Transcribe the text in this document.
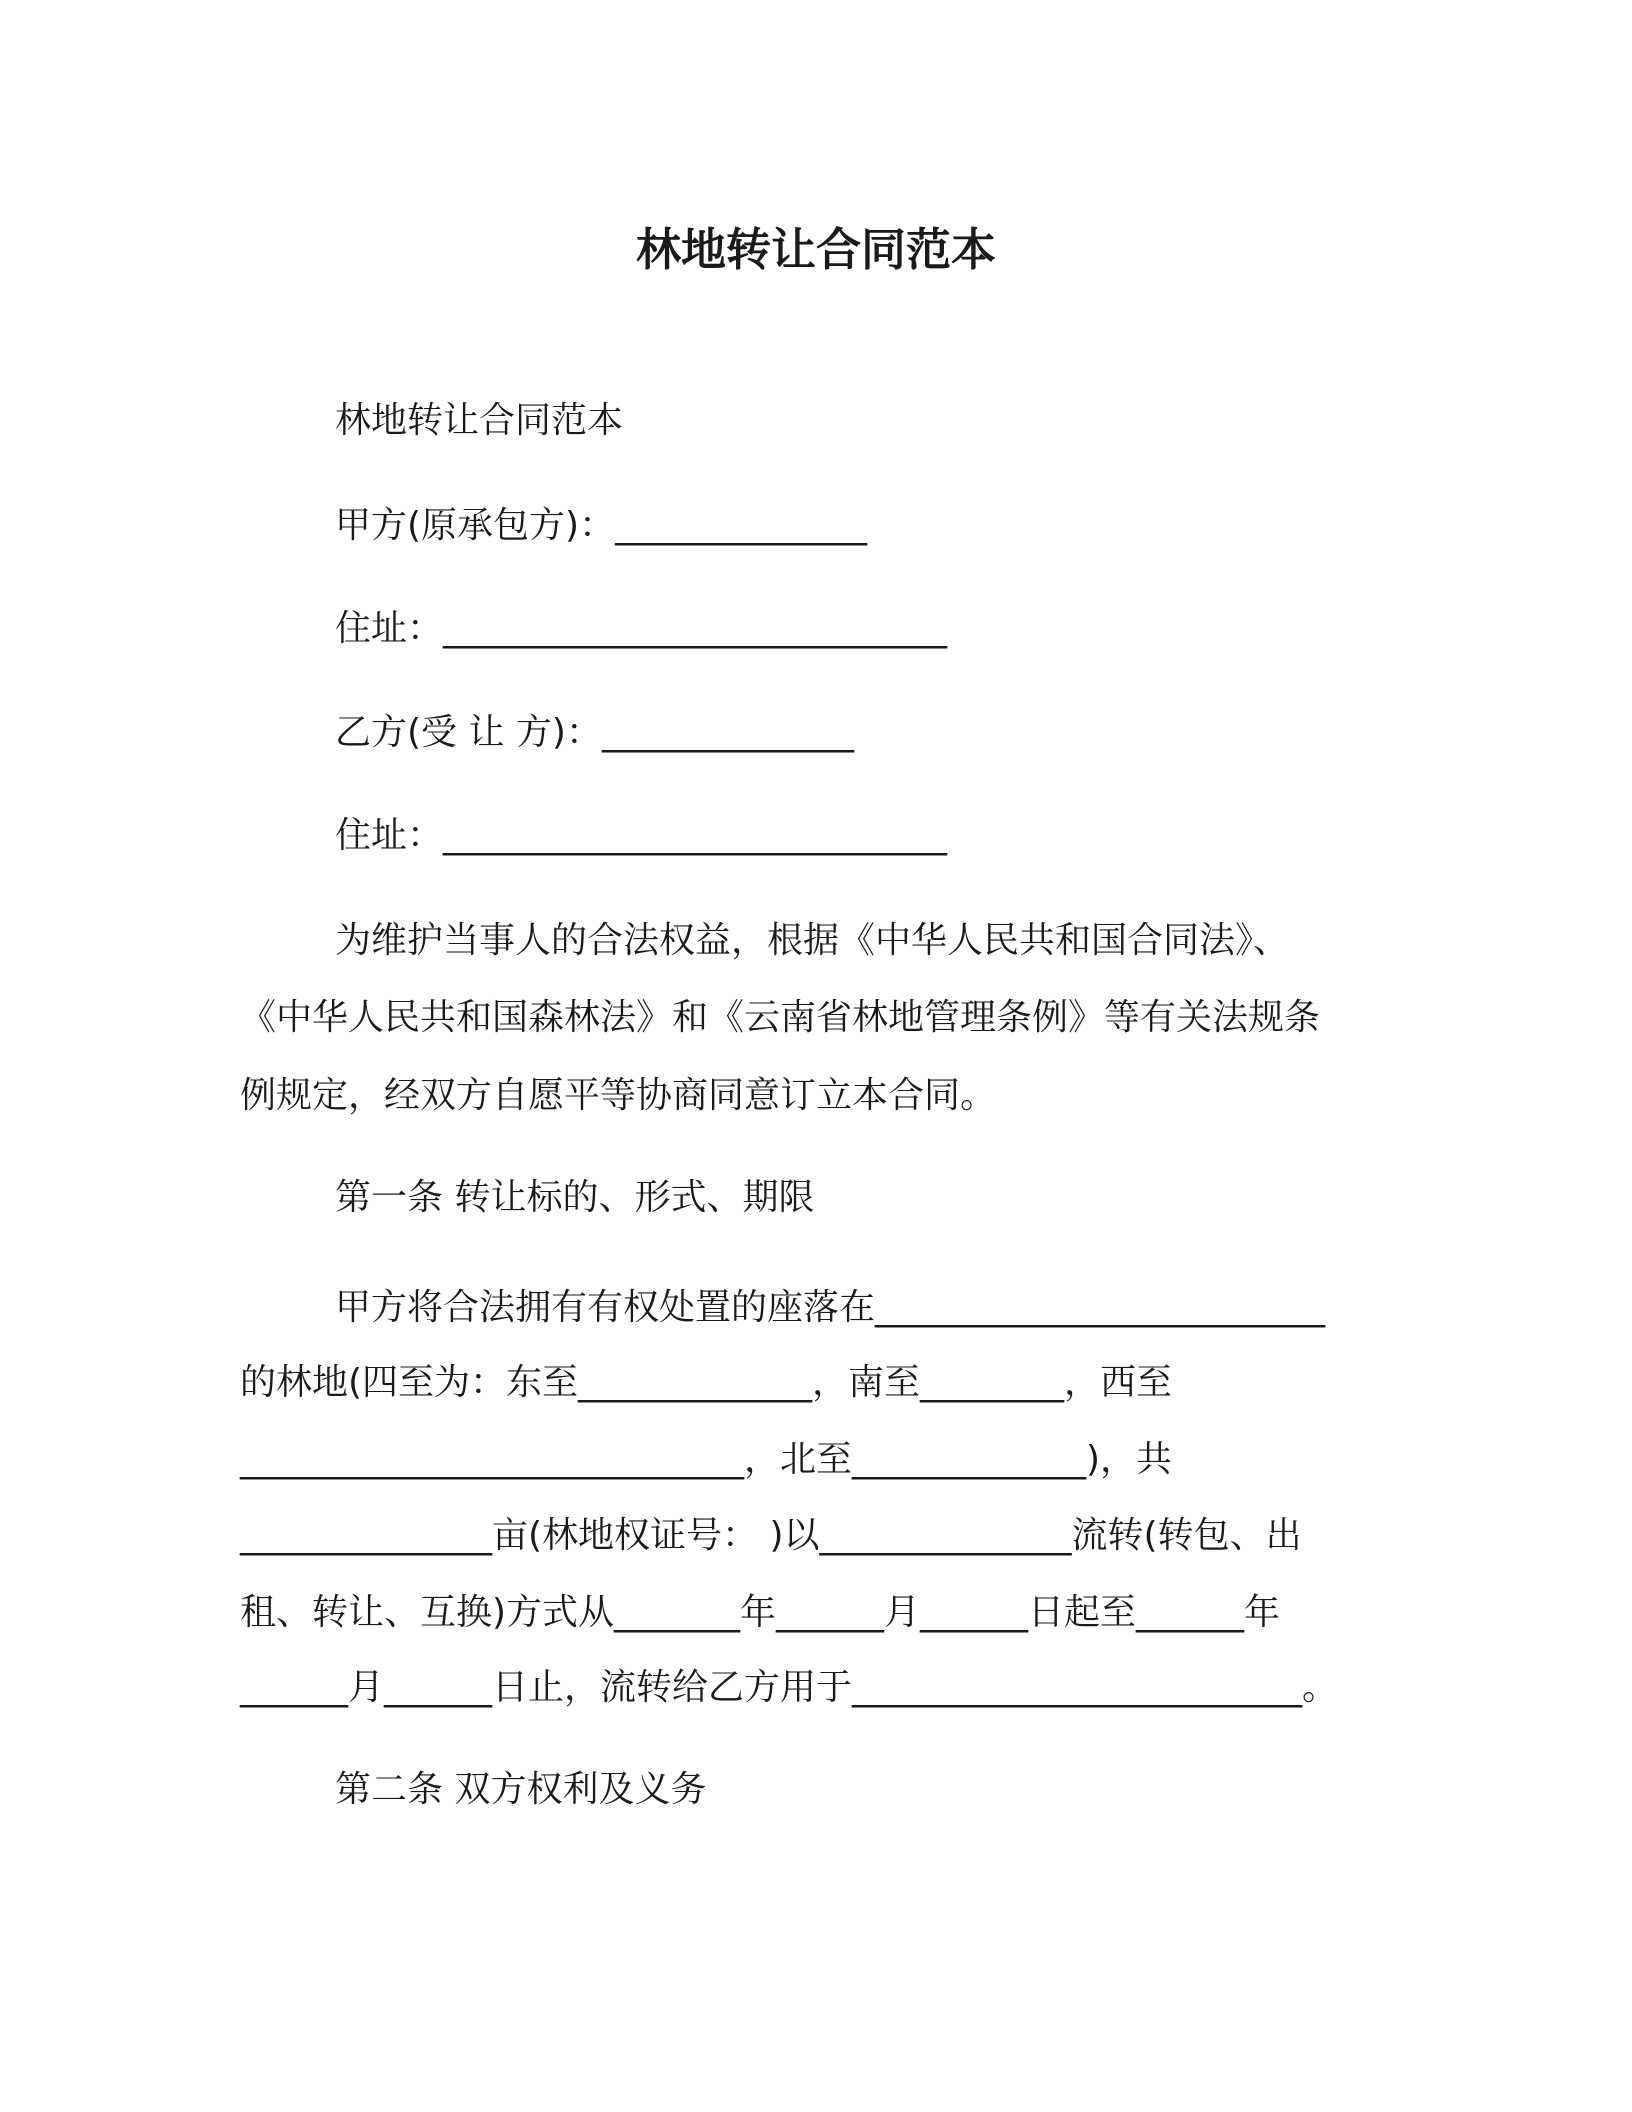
林地转让合同范本
林地转让合同范本
甲方(原承包方)：______________
住址：____________________________
乙方(受 让 方)：______________
住址：____________________________
为维护当事人的合法权益，根据《中华人民共和国合同法》、
《中华人民共和国森林法》和《云南省林地管理条例》等有关法规条
例规定，经双方自愿平等协商同意订立本合同。
第一条 转让标的、形式、期限
甲方将合法拥有有权处置的座落在_________________________
的林地(四至为：东至_____________，南至________，西至
____________________________，北至_____________)，共
______________亩(林地权证号： )以______________流转(转包、出
租、转让、互换)方式从_______年______月______日起至______年
______月______日止，流转给乙方用于_________________________。
第二条 双方权利及义务
